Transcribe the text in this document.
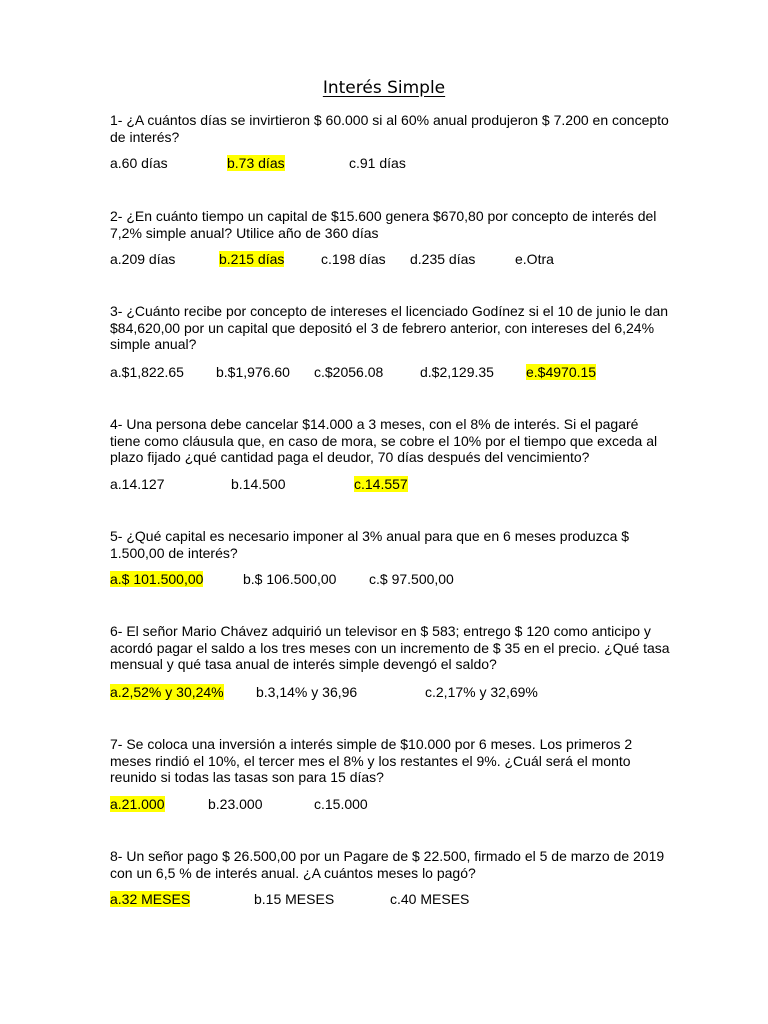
Interés Simple
1- ¿A cuántos días se invirtieron $ 60.000 si al 60% anual produjeron $ 7.200 en concepto de interés?
a.60 días	b.73 días	c.91 días
2- ¿En cuánto tiempo un capital de $15.600 genera $670,80 por concepto de interés del 7,2% simple anual? Utilice año de 360 días
a.209 días	b.215 días	c.198 días d.235 días	e.Otra
3- ¿Cuánto recibe por concepto de intereses el licenciado Godínez si el 10 de junio le dan $84,620,00 por un capital que depositó el 3 de febrero anterior, con intereses del 6,24% simple anual?
a.$1,822.65 b.$1,976.60 c.$2056.08	d.$2,129.35 e.$4970.15
4- Una persona debe cancelar $14.000 a 3 meses, con el 8% de interés. Si el pagaré tiene como cláusula que, en caso de mora, se cobre el 10% por el tiempo que exceda al plazo fijado ¿qué cantidad paga el deudor, 70 días después del vencimiento?
a.14.127	b.14.500	c.14.557
5- ¿Qué capital es necesario imponer al 3% anual para que en 6 meses produzca $ 1.500,00 de interés?
a.$ 101.500,00	b.$ 106.500,00 c.$ 97.500,00
6- El señor Mario Chávez adquirió un televisor en $ 583; entrego $ 120 como anticipo y acordó pagar el saldo a los tres meses con un incremento de $ 35 en el precio. ¿Qué tasa mensual y qué tasa anual de interés simple devengó el saldo?
a.2,52% y 30,24% b.3,14% y 36,96	c.2,17% y 32,69%
7- Se coloca una inversión a interés simple de $10.000 por 6 meses. Los primeros 2 meses rindió el 10%, el tercer mes el 8% y los restantes el 9%. ¿Cuál será el monto reunido si todas las tasas son para 15 días?
a.21.000	b.23.000	c.15.000
8- Un señor pago $ 26.500,00 por un Pagare de $ 22.500, firmado el 5 de marzo de 2019 con un 6,5 % de interés anual. ¿A cuántos meses lo pagó?
a.32 MESES	b.15 MESES	c.40 MESES
